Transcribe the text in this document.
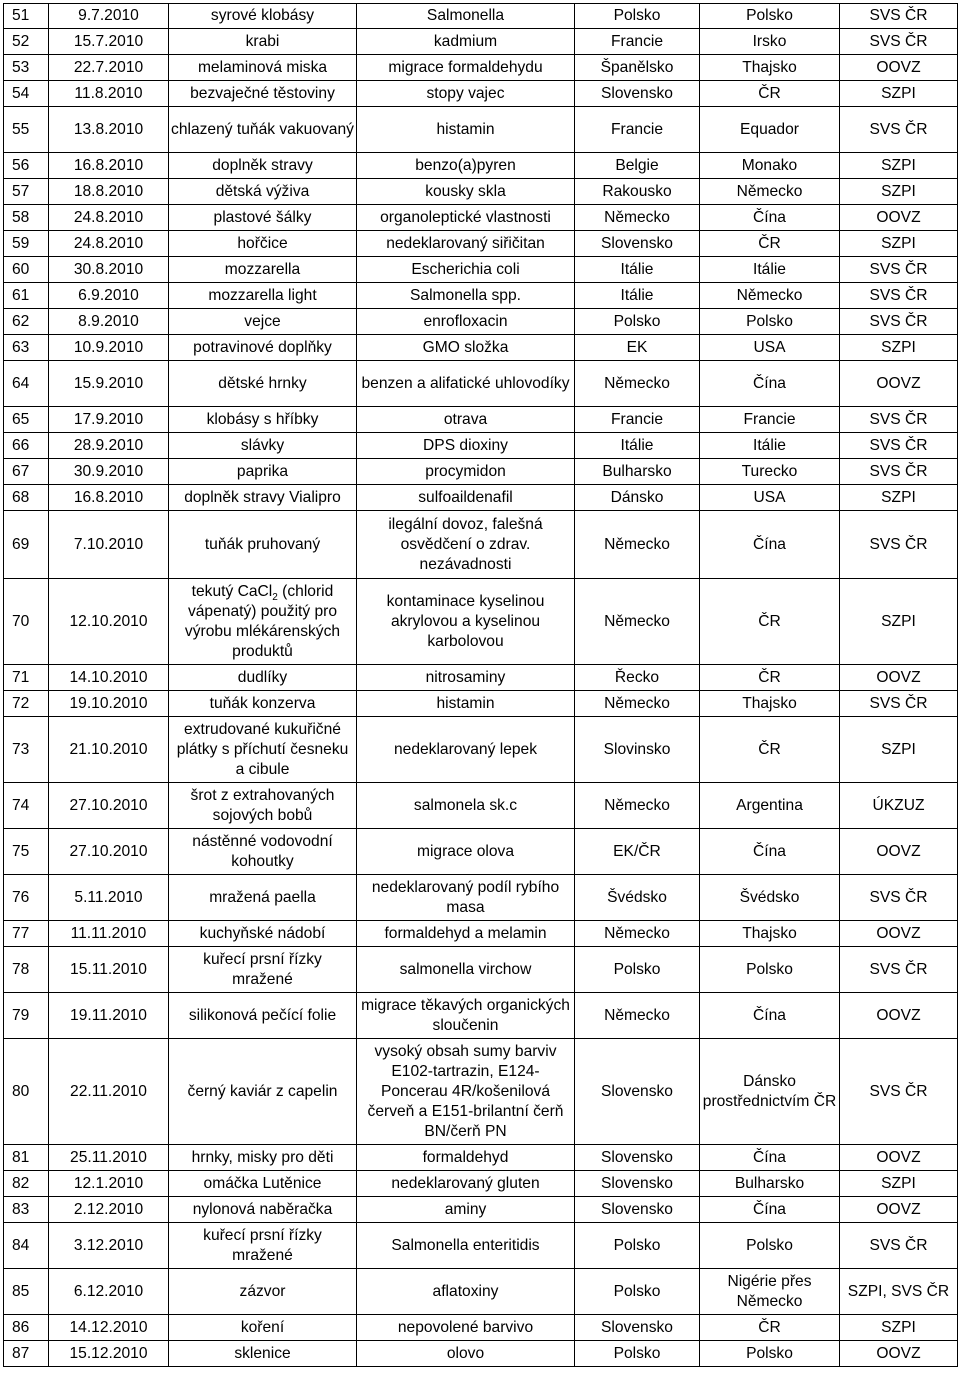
51	9.7.2010	syrové klobásy	Salmonella	Polsko	Polsko	SVS ČR
52	15.7.2010	krabi	kadmium	Francie	Irsko	SVS ČR
53	22.7.2010	melaminová miska	migrace formaldehydu	Španělsko	Thajsko	OOVZ
54	11.8.2010	bezvaječné těstoviny	stopy vajec	Slovensko	ČR	SZPI
55	13.8.2010	chlazený tuňák vakuovaný	histamin	Francie	Equador	SVS ČR
56	16.8.2010	doplněk stravy	benzo(a)pyren	Belgie	Monako	SZPI
57	18.8.2010	dětská výživa	kousky skla	Rakousko	Německo	SZPI
58	24.8.2010	plastové šálky	organoleptické vlastnosti	Německo	Čína	OOVZ
59	24.8.2010	hořčice	nedeklarovaný siřičitan	Slovensko	ČR	SZPI
60	30.8.2010	mozzarella	Escherichia coli	Itálie	Itálie	SVS ČR
61	6.9.2010	mozzarella light	Salmonella spp.	Itálie	Německo	SVS ČR
62	8.9.2010	vejce	enrofloxacin	Polsko	Polsko	SVS ČR
63	10.9.2010	potravinové doplňky	GMO složka	EK	USA	SZPI
64	15.9.2010	dětské hrnky	benzen a alifatické uhlovodíky	Německo	Čína	OOVZ
65	17.9.2010	klobásy s hříbky	otrava	Francie	Francie	SVS ČR
66	28.9.2010	slávky	DPS dioxiny	Itálie	Itálie	SVS ČR
67	30.9.2010	paprika	procymidon	Bulharsko	Turecko	SVS ČR
68	16.8.2010	doplněk stravy Vialipro	sulfoaildenafil	Dánsko	USA	SZPI
69	7.10.2010	tuňák pruhovaný	ilegální dovoz, falešná osvědčení o zdrav. nezávadnosti	Německo	Čína	SVS ČR
70	12.10.2010	tekutý CaCl$_2$ (chlorid vápenatý) použitý pro výrobu mlékárenských produktů	kontaminace kyselinou akrylovou a kyselinou karbolovou	Německo	ČR	SZPI
71	14.10.2010	dudlíky	nitrosaminy	Řecko	ČR	OOVZ
72	19.10.2010	tuňák konzerva	histamin	Německo	Thajsko	SVS ČR
73	21.10.2010	extrudované kukuřičné plátky s příchutí česneku a cibule	nedeklarovaný lepek	Slovinsko	ČR	SZPI
74	27.10.2010	šrot z extrahovaných sojových bobů	salmonela sk.c	Německo	Argentina	ÚKZUZ
75	27.10.2010	nástěnné vodovodní kohoutky	migrace olova	EK/ČR	Čína	OOVZ
76	5.11.2010	mražená paella	nedeklarovaný podíl rybího masa	Švédsko	Švédsko	SVS ČR
77	11.11.2010	kuchyňské nádobí	formaldehyd a melamin	Německo	Thajsko	OOVZ
78	15.11.2010	kuřecí prsní řízky mražené	salmonella virchow	Polsko	Polsko	SVS ČR
79	19.11.2010	silikonová pečící folie	migrace těkavých organických sloučenin	Německo	Čína	OOVZ
80	22.11.2010	černý kaviár z capelin	vysoký obsah sumy barviv E102-tartrazin, E124-Poncerau 4R/košenilová červeň a E151-brilantní čerň BN/čerň PN	Slovensko	Dánsko prostřednictvím ČR	SVS ČR
81	25.11.2010	hrnky, misky pro děti	formaldehyd	Slovensko	Čína	OOVZ
82	12.1.2010	omáčka Lutěnice	nedeklarovaný gluten	Slovensko	Bulharsko	SZPI
83	2.12.2010	nylonová naběračka	aminy	Slovensko	Čína	OOVZ
84	3.12.2010	kuřecí prsní řízky mražené	Salmonella enteritidis	Polsko	Polsko	SVS ČR
85	6.12.2010	zázvor	aflatoxiny	Polsko	Nigérie přes Německo	SZPI, SVS ČR
86	14.12.2010	koření	nepovolené barvivo	Slovensko	ČR	SZPI
87	15.12.2010	sklenice	olovo	Polsko	Polsko	OOVZ
